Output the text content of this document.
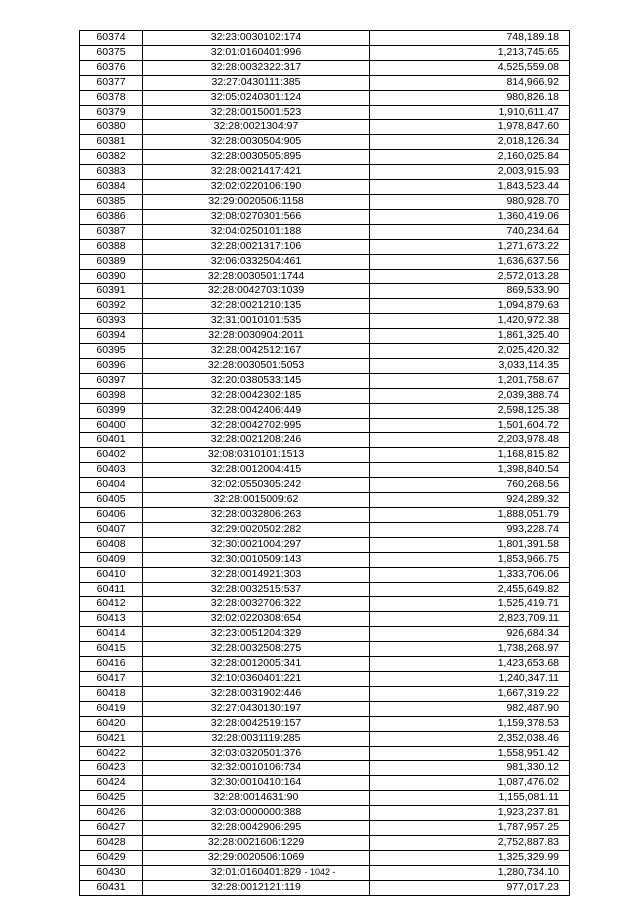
60374	32:23:0030102:174	748,189.18
60375	32:01:0160401:996	1,213,745.65
60376	32:28:0032322:317	4,525,559.08
60377	32:27:0430111:385	814,966.92
60378	32:05:0240301:124	980,826.18
60379	32:28:0015001:523	1,910,611.47
60380	32:28:0021304:97	1,978,847.60
60381	32:28:0030504:905	2,018,126.34
60382	32:28:0030505:895	2,160,025.84
60383	32:28:0021417:421	2,003,915.93
60384	32:02:0220106:190	1,843,523.44
60385	32:29:0020506:1158	980,928.70
60386	32:08:0270301:566	1,360,419.06
60387	32:04:0250101:188	740,234.64
60388	32:28:0021317:106	1,271,673.22
60389	32:06:0332504:461	1,636,637.56
60390	32:28:0030501:1744	2,572,013.28
60391	32:28:0042703:1039	869,533.90
60392	32:28:0021210:135	1,094,879.63
60393	32:31:0010101:535	1,420,972.38
60394	32:28:0030904:2011	1,861,325.40
60395	32:28:0042512:167	2,025,420.32
60396	32:28:0030501:5053	3,033,114.35
60397	32:20:0380533:145	1,201,758.67
60398	32:28:0042302:185	2,039,388.74
60399	32:28:0042406:449	2,598,125.38
60400	32:28:0042702:995	1,501,604.72
60401	32:28:0021208:246	2,203,978.48
60402	32:08:0310101:1513	1,168,815.82
60403	32:28:0012004:415	1,398,840.54
60404	32:02:0550305:242	760,268.56
60405	32:28:0015009:62	924,289.32
60406	32:28:0032806:263	1,888,051.79
60407	32:29:0020502:282	993,228.74
60408	32:30:0021004:297	1,801,391.58
60409	32:30:0010509:143	1,853,966.75
60410	32:28:0014921:303	1,333,706.06
60411	32:28:0032515:537	2,455,649.82
60412	32:28:0032706:322	1,525,419.71
60413	32:02:0220308:654	2,823,709.11
60414	32:23:0051204:329	926,684.34
60415	32:28:0032508:275	1,738,268.97
60416	32:28:0012005:341	1,423,653.68
60417	32:10:0360401:221	1,240,347.11
60418	32:28:0031902:446	1,667,319.22
60419	32:27:0430130:197	982,487.90
60420	32:28:0042519:157	1,159,378.53
60421	32:28:0031119:285	2,352,038.46
60422	32:03:0320501:376	1,558,951.42
60423	32:32:0010106:734	981,330.12
60424	32:30:0010410:164	1,087,476.02
60425	32:28:0014631:90	1,155,081.11
60426	32:03:0000000:388	1,923,237.81
60427	32:28:0042906:295	1,787,957.25
60428	32:28:0021606:1229	2,752,887.83
60429	32:29:0020506:1069	1,325,329.99
60430	32:01:0160401:829	1,280,734.10
60431	32:28:0012121:119	977,017.23
- 1042 -
